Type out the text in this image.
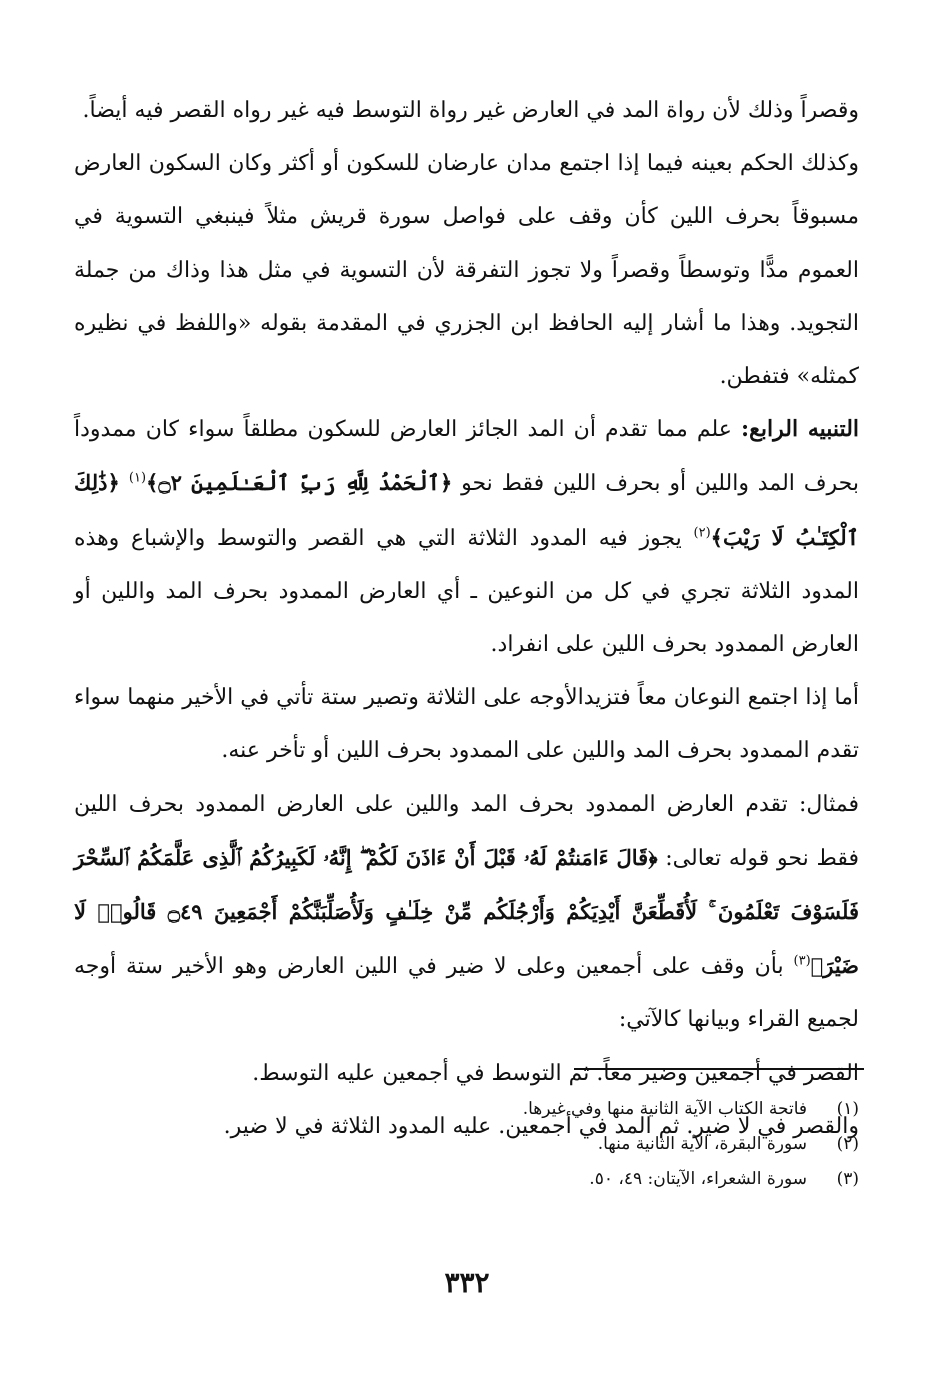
وقصراً وذلك لأن رواة المد في العارض غير رواة التوسط فيه غير رواه القصر فيه أيضاً.

وكذلك الحكم بعينه فيما إذا اجتمع مدان عارضان للسكون أو أكثر وكان السكون العارض مسبوقاً بحرف اللين كأن وقف على فواصل سورة قريش مثلاً فينبغي التسوية في العموم مدًّا وتوسطاً وقصراً ولا تجوز التفرقة لأن التسوية في مثل هذا وذاك من جملة التجويد. وهذا ما أشار إليه الحافظ ابن الجزري في المقدمة بقوله «واللفظ في نظيره كمثله» فتفطن.

التنبيه الرابع: علم مما تقدم أن المد الجائز العارض للسكون مطلقاً سواء كان ممدوداً بحرف المد واللين أو بحرف اللين فقط نحو ﴿ٱلْحَمْدُ لِلَّهِ رَبِّ ٱلْعَـٰلَمِينَ ۝٢﴾$^{(١)}$ ﴿ذَٰلِكَ ٱلْكِتَـٰبُ لَا رَيْبَ﴾$^{(٢)}$ يجوز فيه المدود الثلاثة التي هي القصر والتوسط والإشباع وهذه المدود الثلاثة تجري في كل من النوعين ـ أي العارض الممدود بحرف المد واللين أو العارض الممدود بحرف اللين على انفراد.

أما إذا اجتمع النوعان معاً فتزيدالأوجه على الثلاثة وتصير ستة تأتي في الأخير منهما سواء تقدم الممدود بحرف المد واللين على الممدود بحرف اللين أو تأخر عنه.

فمثال: تقدم العارض الممدود بحرف المد واللين على العارض الممدود بحرف اللين فقط نحو قوله تعالى: ﴿قَالَ ءَامَنتُمْ لَهُۥ قَبْلَ أَنْ ءَاذَنَ لَكُمْ ۖ إِنَّهُۥ لَكَبِيرُكُمُ ٱلَّذِى عَلَّمَكُمُ ٱلسِّحْرَ فَلَسَوْفَ تَعْلَمُونَ ۚ لَأُقَطِّعَنَّ أَيْدِيَكُمْ وَأَرْجُلَكُم مِّنْ خِلَـٰفٍ وَلَأُصَلِّبَنَّكُمْ أَجْمَعِينَ ۝٤٩ قَالُوا۟ لَا ضَيْرَ﴾$^{(٣)}$ بأن وقف على أجمعين وعلى لا ضير في اللين العارض وهو الأخير ستة أوجه لجميع القراء وبيانها كالآتي:

القصر في أجمعين وضير معاً. ثم التوسط في أجمعين عليه التوسط.

والقصر في لا ضير. ثم المد في أجمعين. عليه المدود الثلاثة في لا ضير.

(١)
فاتحة الكتاب الآية الثانية منها وفي غيرها.
(٢)
سورة البقرة، الآية الثانية منها.
(٣)
سورة الشعراء، الآيتان: ٤٩، ٥٠.
٣٣٢
